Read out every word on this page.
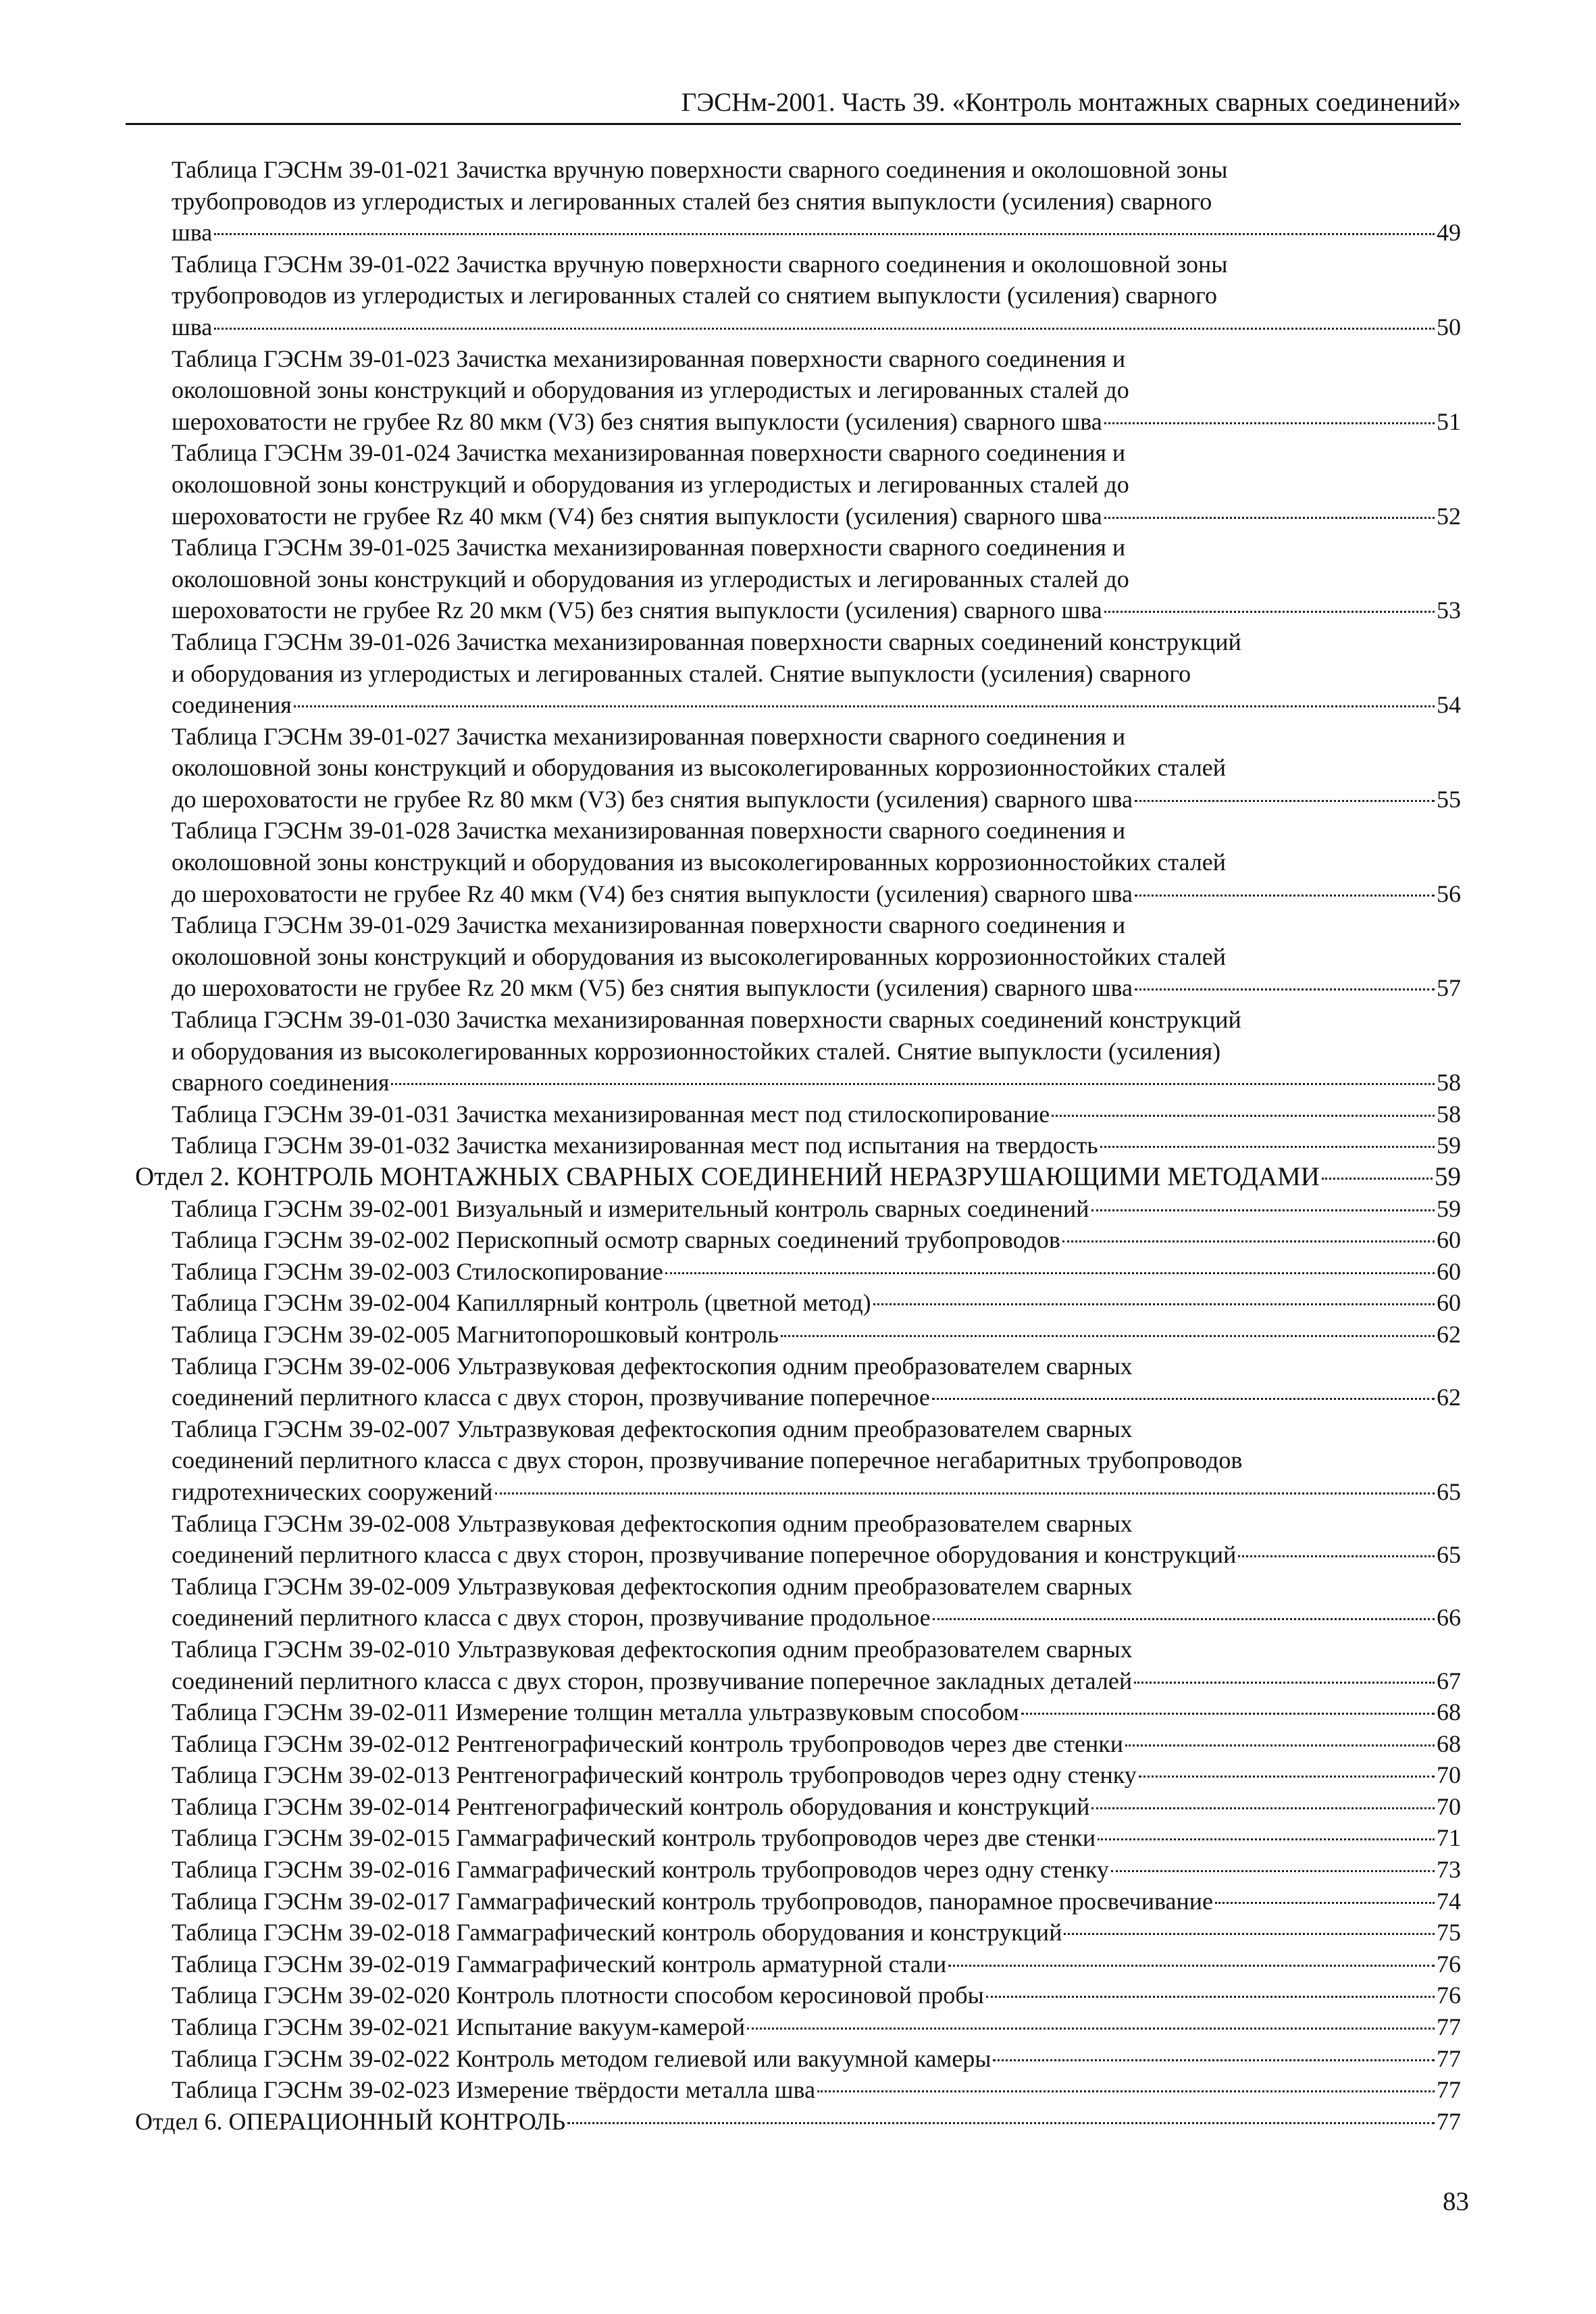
ГЭСНм-2001. Часть 39. «Контроль монтажных сварных соединений»
Таблица ГЭСНм 39-01-021 Зачистка вручную поверхности сварного соединения и околошовной зоны
трубопроводов из углеродистых и легированных сталей без снятия выпуклости (усиления) сварного
шва	49
Таблица ГЭСНм 39-01-022 Зачистка вручную поверхности сварного соединения и околошовной зоны
трубопроводов из углеродистых и легированных сталей со снятием выпуклости (усиления) сварного
шва	50
Таблица ГЭСНм 39-01-023 Зачистка механизированная поверхности сварного соединения и
околошовной зоны конструкций и оборудования из углеродистых и легированных сталей до
шероховатости не грубее Rz 80 мкм (V3) без снятия выпуклости (усиления) сварного шва	51
Таблица ГЭСНм 39-01-024 Зачистка механизированная поверхности сварного соединения и
околошовной зоны конструкций и оборудования из углеродистых и легированных сталей до
шероховатости не грубее Rz 40 мкм (V4) без снятия выпуклости (усиления) сварного шва	52
Таблица ГЭСНм 39-01-025 Зачистка механизированная поверхности сварного соединения и
околошовной зоны конструкций и оборудования из углеродистых и легированных сталей до
шероховатости не грубее Rz 20 мкм (V5) без снятия выпуклости (усиления) сварного шва	53
Таблица ГЭСНм 39-01-026 Зачистка механизированная поверхности сварных соединений конструкций
и оборудования из углеродистых и легированных сталей. Снятие выпуклости (усиления) сварного
соединения	54
Таблица ГЭСНм 39-01-027 Зачистка механизированная поверхности сварного соединения и
околошовной зоны конструкций и оборудования из высоколегированных коррозионностойких сталей
до шероховатости не грубее Rz 80 мкм (V3) без снятия выпуклости (усиления) сварного шва	55
Таблица ГЭСНм 39-01-028 Зачистка механизированная поверхности сварного соединения и
околошовной зоны конструкций и оборудования из высоколегированных коррозионностойких сталей
до шероховатости не грубее Rz 40 мкм (V4) без снятия выпуклости (усиления) сварного шва	56
Таблица ГЭСНм 39-01-029 Зачистка механизированная поверхности сварного соединения и
околошовной зоны конструкций и оборудования из высоколегированных коррозионностойких сталей
до шероховатости не грубее Rz 20 мкм (V5) без снятия выпуклости (усиления) сварного шва	57
Таблица ГЭСНм 39-01-030 Зачистка механизированная поверхности сварных соединений конструкций
и оборудования из высоколегированных коррозионностойких сталей. Снятие выпуклости (усиления)
сварного соединения	58
Таблица ГЭСНм 39-01-031 Зачистка механизированная мест под стилоскопирование	58
Таблица ГЭСНм 39-01-032 Зачистка механизированная мест под испытания на твердость	59
Отдел 2. КОНТРОЛЬ МОНТАЖНЫХ СВАРНЫХ СОЕДИНЕНИЙ НЕРАЗРУШАЮЩИМИ МЕТОДАМИ	59
Таблица ГЭСНм 39-02-001 Визуальный и измерительный контроль сварных соединений	59
Таблица ГЭСНм 39-02-002 Перископный осмотр сварных соединений трубопроводов	60
Таблица ГЭСНм 39-02-003 Стилоскопирование	60
Таблица ГЭСНм 39-02-004 Капиллярный контроль (цветной метод)	60
Таблица ГЭСНм 39-02-005 Магнитопорошковый контроль	62
Таблица ГЭСНм 39-02-006 Ультразвуковая дефектоскопия одним преобразователем сварных
соединений перлитного класса с двух сторон, прозвучивание поперечное	62
Таблица ГЭСНм 39-02-007 Ультразвуковая дефектоскопия одним преобразователем сварных
соединений перлитного класса с двух сторон, прозвучивание поперечное негабаритных трубопроводов
гидротехнических сооружений	65
Таблица ГЭСНм 39-02-008 Ультразвуковая дефектоскопия одним преобразователем сварных
соединений перлитного класса с двух сторон, прозвучивание поперечное оборудования и конструкций	65
Таблица ГЭСНм 39-02-009 Ультразвуковая дефектоскопия одним преобразователем сварных
соединений перлитного класса с двух сторон, прозвучивание продольное	66
Таблица ГЭСНм 39-02-010 Ультразвуковая дефектоскопия одним преобразователем сварных
соединений перлитного класса с двух сторон, прозвучивание поперечное закладных деталей	67
Таблица ГЭСНм 39-02-011 Измерение толщин металла ультразвуковым способом	68
Таблица ГЭСНм 39-02-012 Рентгенографический контроль трубопроводов через две стенки	68
Таблица ГЭСНм 39-02-013 Рентгенографический контроль трубопроводов через одну стенку	70
Таблица ГЭСНм 39-02-014 Рентгенографический контроль оборудования и конструкций	70
Таблица ГЭСНм 39-02-015 Гаммаграфический контроль трубопроводов через две стенки	71
Таблица ГЭСНм 39-02-016 Гаммаграфический контроль трубопроводов через одну стенку	73
Таблица ГЭСНм 39-02-017 Гаммаграфический контроль трубопроводов, панорамное просвечивание	74
Таблица ГЭСНм 39-02-018 Гаммаграфический контроль оборудования и конструкций	75
Таблица ГЭСНм 39-02-019 Гаммаграфический контроль арматурной стали	76
Таблица ГЭСНм 39-02-020 Контроль плотности способом керосиновой пробы	76
Таблица ГЭСНм 39-02-021 Испытание вакуум-камерой	77
Таблица ГЭСНм 39-02-022 Контроль методом гелиевой или вакуумной камеры	77
Таблица ГЭСНм 39-02-023 Измерение твёрдости металла шва	77
Отдел 6. ОПЕРАЦИОННЫЙ КОНТРОЛЬ	77
83
